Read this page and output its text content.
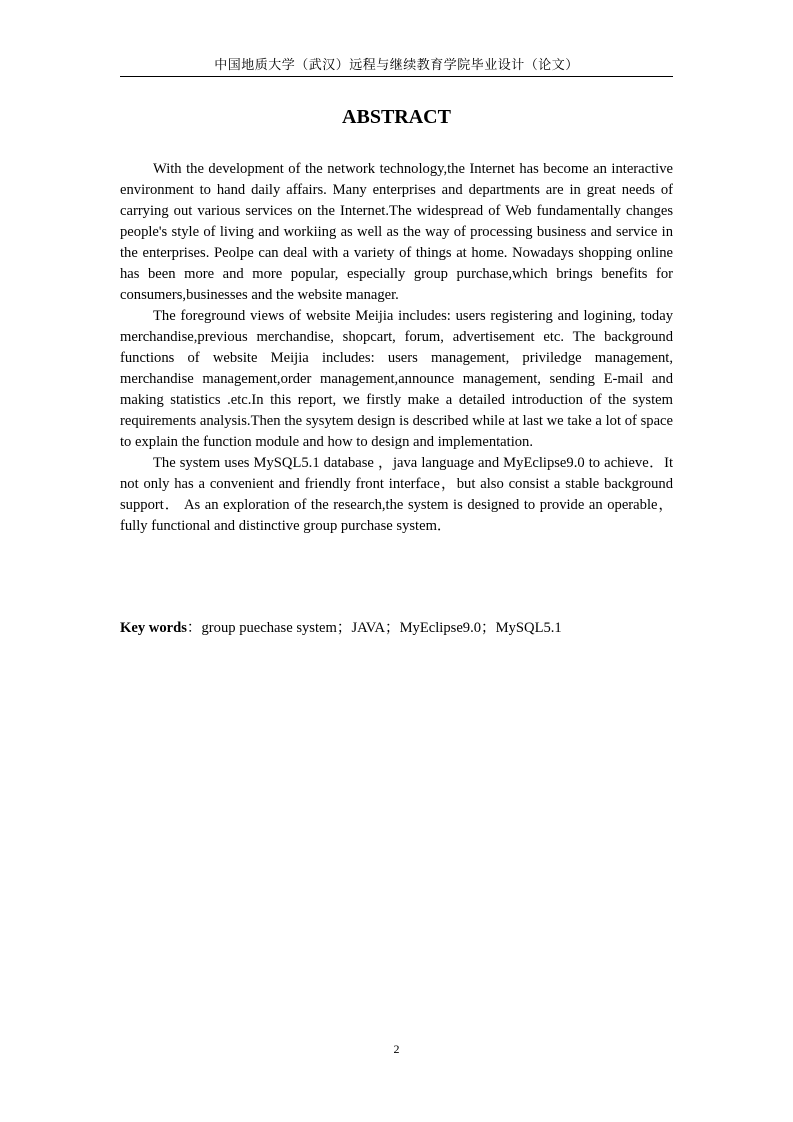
中国地质大学（武汉）远程与继续教育学院毕业设计（论文）
ABSTRACT

With the development of the network technology,the Internet has become an interactive environment to hand daily affairs. Many enterprises and departments are in great needs of carrying out various services on the Internet.The widespread of Web fundamentally changes people's style of living and workiing as well as the way of processing business and service in the enterprises. Peolpe can deal with a variety of things at home. Nowadays shopping online has been more and more popular, especially group purchase,which brings benefits for consumers,businesses and the website manager.

The foreground views of website Meijia includes: users registering and logining, today merchandise,previous merchandise, shopcart, forum, advertisement etc. The background functions of website Meijia includes: users management, priviledge management, merchandise management,order management,announce management, sending E-mail and making statistics .etc.In this report, we firstly make a detailed introduction of the system requirements analysis.Then the sysytem design is described while at last we take a lot of space to explain the function module and how to design and implementation.

The system uses MySQL5.1 database ，java language and MyEclipse9.0 to achieve．It not only has a convenient and friendly front interface，but also consist a stable background support． As an exploration of the research,the system is designed to provide an operable，fully functional and distinctive group purchase system．

Key words：group puechase system；JAVA；MyEclipse9.0；MySQL5.1
2
